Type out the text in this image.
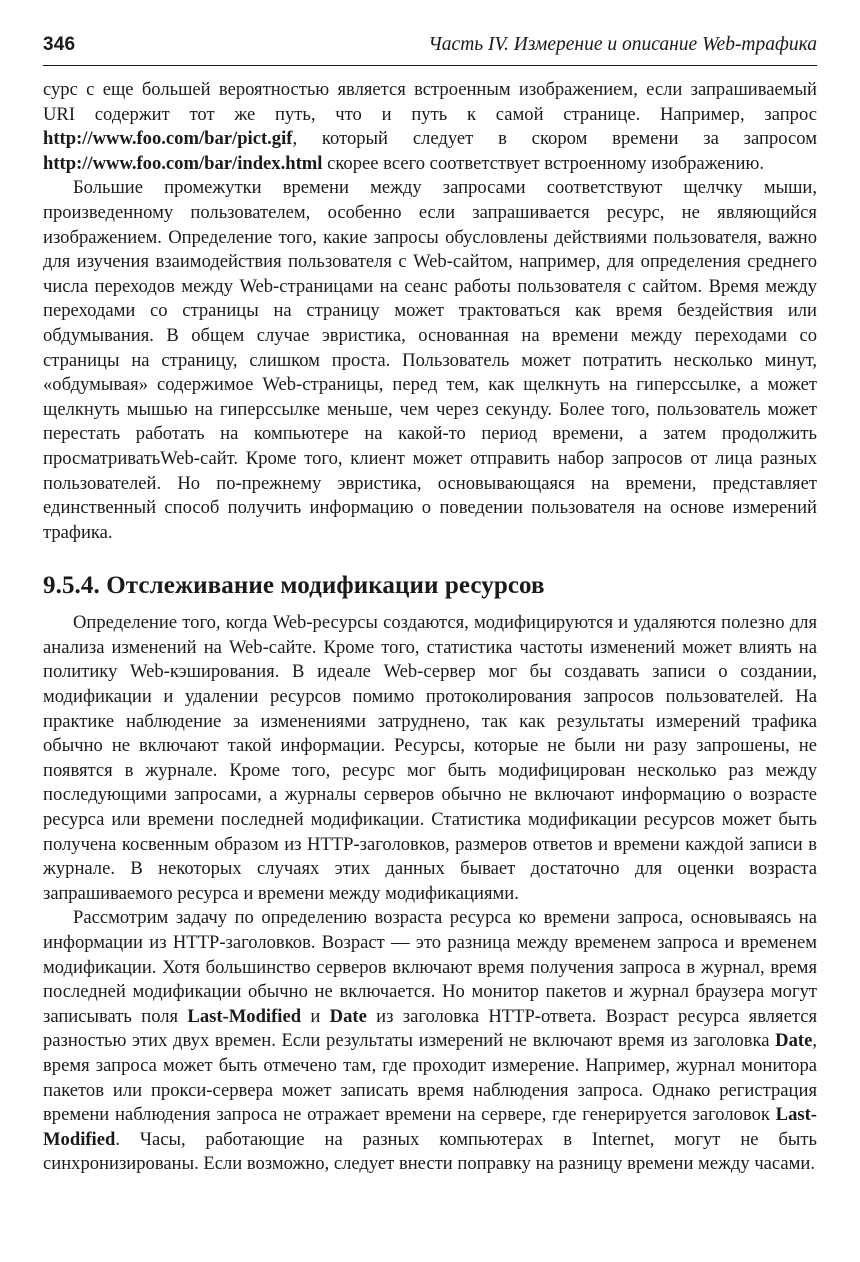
346	Часть IV. Измерение и описание Web-трафика

сурс с еще большей вероятностью является встроенным изображением, если запрашиваемый URI содержит тот же путь, что и путь к самой странице. Например, запрос http://www.foo.com/bar/pict.gif, который следует в скором времени за запросом http://www.foo.com/bar/index.html скорее всего соответствует встроенному изображению.

Большие промежутки времени между запросами соответствуют щелчку мыши, произведенному пользователем, особенно если запрашивается ресурс, не являющийся изображением. Определение того, какие запросы обусловлены действиями пользователя, важно для изучения взаимодействия пользователя с Web-сайтом, например, для определения среднего числа переходов между Web-страницами на сеанс работы пользователя с сайтом. Время между переходами со страницы на страницу может трактоваться как время бездействия или обдумывания. В общем случае эвристика, основанная на времени между переходами со страницы на страницу, слишком проста. Пользователь может потратить несколько минут, «обдумывая» содержимое Web-страницы, перед тем, как щелкнуть на гиперссылке, а может щелкнуть мышью на гиперссылке меньше, чем через секунду. Более того, пользователь может перестать работать на компьютере на какой-то период времени, а затем продолжить просматриватьWeb-сайт. Кроме того, клиент может отправить набор запросов от лица разных пользователей. Но по-прежнему эвристика, основывающаяся на времени, представляет единственный способ получить информацию о поведении пользователя на основе измерений трафика.

9.5.4. Отслеживание модификации ресурсов

Определение того, когда Web-ресурсы создаются, модифицируются и удаляются полезно для анализа изменений на Web-сайте. Кроме того, статистика частоты изменений может влиять на политику Web-кэширования. В идеале Web-сервер мог бы создавать записи о создании, модификации и удалении ресурсов помимо протоколирования запросов пользователей. На практике наблюдение за изменениями затруднено, так как результаты измерений трафика обычно не включают такой информации. Ресурсы, которые не были ни разу запрошены, не появятся в журнале. Кроме того, ресурс мог быть модифицирован несколько раз между последующими запросами, а журналы серверов обычно не включают информацию о возрасте ресурса или времени последней модификации. Статистика модификации ресурсов может быть получена косвенным образом из HTTP-заголовков, размеров ответов и времени каждой записи в журнале. В некоторых случаях этих данных бывает достаточно для оценки возраста запрашиваемого ресурса и времени между модификациями.

Рассмотрим задачу по определению возраста ресурса ко времени запроса, основываясь на информации из HTTP-заголовков. Возраст — это разница между временем запроса и временем модификации. Хотя большинство серверов включают время получения запроса в журнал, время последней модификации обычно не включается. Но монитор пакетов и журнал браузера могут записывать поля Last-Modified и Date из заголовка HTTP-ответа. Возраст ресурса является разностью этих двух времен. Если результаты измерений не включают время из заголовка Date, время запроса может быть отмечено там, где проходит измерение. Например, журнал монитора пакетов или прокси-сервера может записать время наблюдения запроса. Однако регистрация времени наблюдения запроса не отражает времени на сервере, где генерируется заголовок Last-Modified. Часы, работающие на разных компьютерах в Internet, могут не быть синхронизированы. Если возможно, следует внести поправку на разницу времени между часами.
